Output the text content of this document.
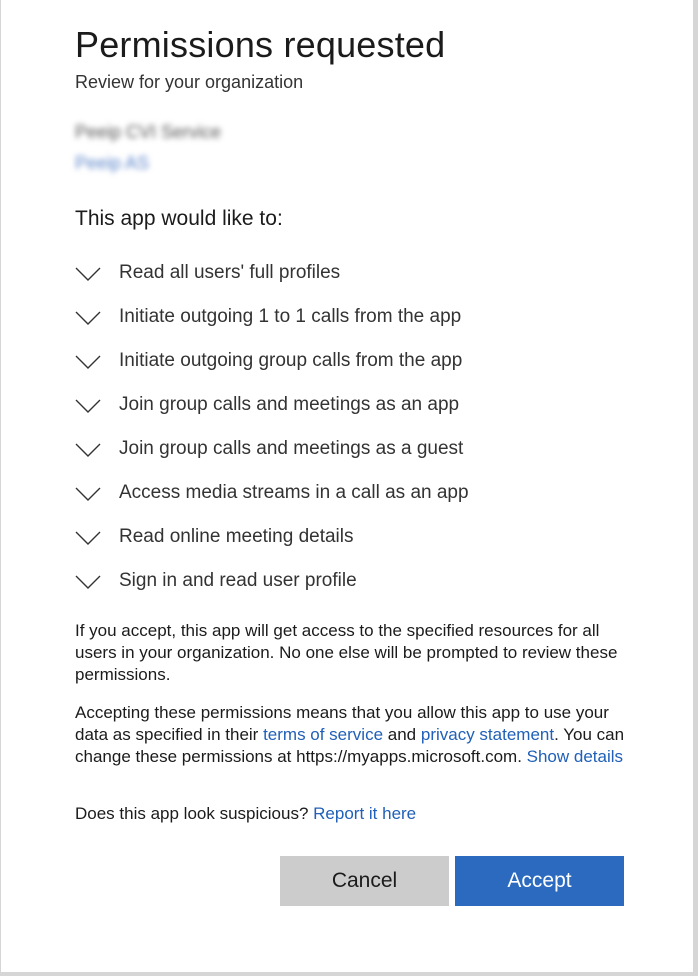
Permissions requested
Review for your organization
Peeip CVI Service
Peeip AS
This app would like to:
Read all users' full profiles
Initiate outgoing 1 to 1 calls from the app
Initiate outgoing group calls from the app
Join group calls and meetings as an app
Join group calls and meetings as a guest
Access media streams in a call as an app
Read online meeting details
Sign in and read user profile

If you accept, this app will get access to the specified resources for all users in your organization. No one else will be prompted to review these permissions.

Accepting these permissions means that you allow this app to use your data as specified in their terms of service and privacy statement. You can change these permissions at https://myapps.microsoft.com. Show details

Does this app look suspicious? Report it here

Cancel	Accept
